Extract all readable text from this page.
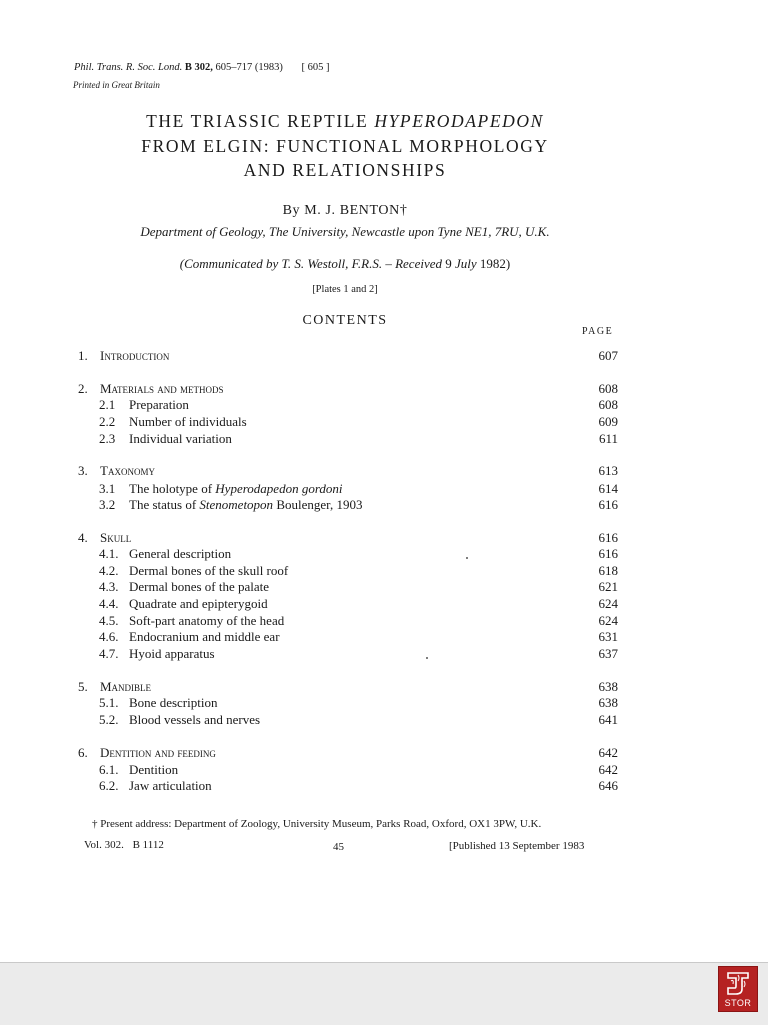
Phil. Trans. R. Soc. Lond. B 302, 605–717 (1983) [ 605 ]
Printed in Great Britain
THE TRIASSIC REPTILE HYPERODAPEDON
FROM ELGIN: FUNCTIONAL MORPHOLOGY
AND RELATIONSHIPS
By M. J. BENTON†
Department of Geology, The University, Newcastle upon Tyne NE1, 7RU, U.K.
(Communicated by T. S. Westoll, F.R.S. – Received 9 July 1982)
[Plates 1 and 2]
CONTENTS
PAGE
1. Introduction	607
2. Materials and methods	608
2.1 Preparation	608
2.2 Number of individuals	609
2.3 Individual variation	611
3. Taxonomy	613
3.1 The holotype of Hyperodapedon gordoni	614
3.2 The status of Stenometopon Boulenger, 1903	616
4. Skull	616
4.1. General description	616
4.2. Dermal bones of the skull roof	618
4.3. Dermal bones of the palate	621
4.4. Quadrate and epipterygoid	624
4.5. Soft-part anatomy of the head	624
4.6. Endocranium and middle ear	631
4.7. Hyoid apparatus	637
5. Mandible	638
5.1. Bone description	638
5.2. Blood vessels and nerves	641
6. Dentition and feeding	642
6.1. Dentition	642
6.2. Jaw articulation	646
† Present address: Department of Zoology, University Museum, Parks Road, Oxford, OX1 3PW, U.K.
Vol. 302. B 1112	45	[Published 13 September 1983
STOR
